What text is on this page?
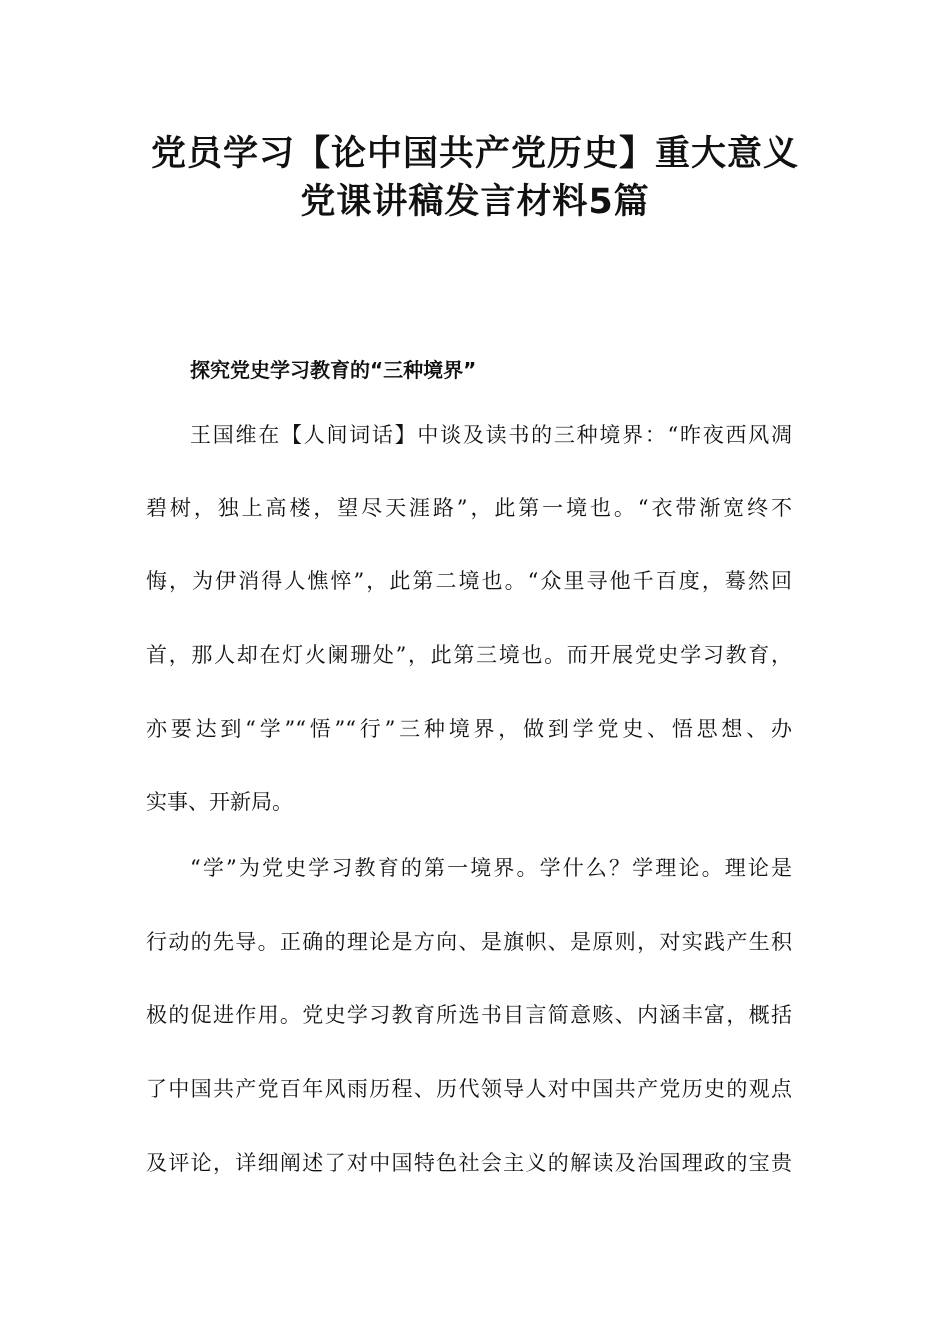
党员学习【论中国共产党历史】重大意义
党课讲稿发言材料5篇
探究党史学习教育的“三种境界”
王国维在【人间词话】中谈及读书的三种境界：“昨夜西风凋
碧树，独上高楼，望尽天涯路”，此第一境也。“衣带渐宽终不
悔，为伊消得人憔悴”，此第二境也。“众里寻他千百度，蓦然回
首，那人却在灯火阑珊处”，此第三境也。而开展党史学习教育，
亦要达到“学”“悟”“行”三种境界，做到学党史、悟思想、办
实事、开新局。
“学”为党史学习教育的第一境界。学什么？学理论。理论是
行动的先导。正确的理论是方向、是旗帜、是原则，对实践产生积
极的促进作用。党史学习教育所选书目言简意赅、内涵丰富，概括
了中国共产党百年风雨历程、历代领导人对中国共产党历史的观点
及评论，详细阐述了对中国特色社会主义的解读及治国理政的宝贵
